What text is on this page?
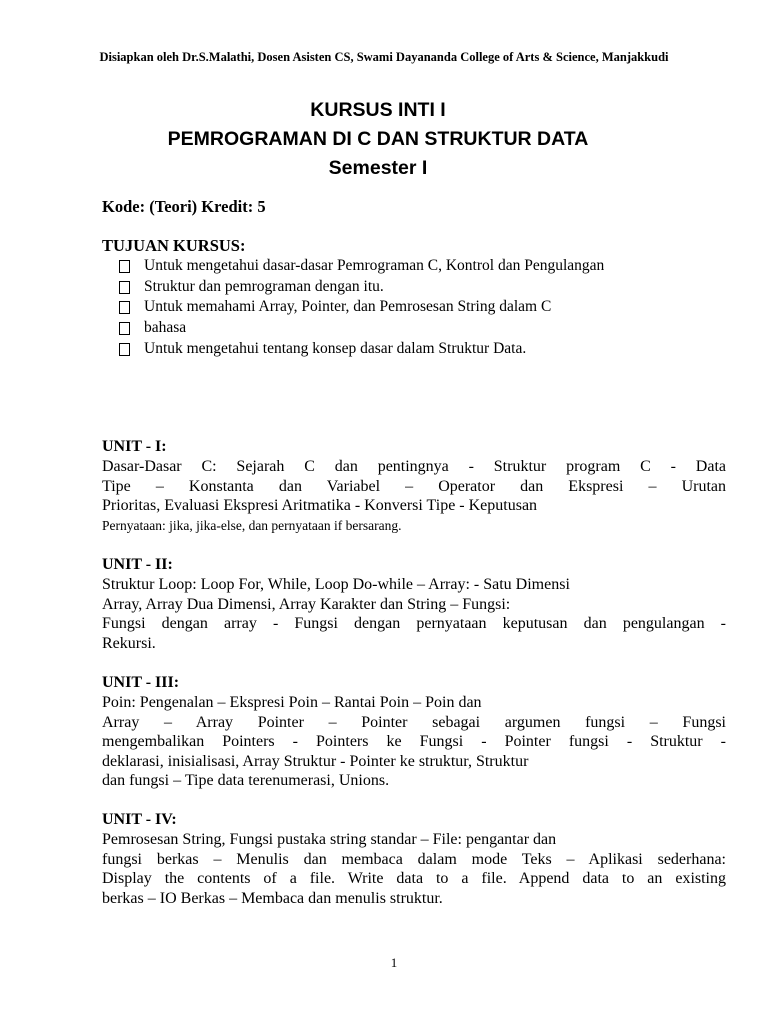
Disiapkan oleh Dr.S.Malathi, Dosen Asisten CS, Swami Dayananda College of Arts & Science, Manjakkudi
KURSUS INTI I
PEMROGRAMAN DI C DAN STRUKTUR DATA
Semester I
Kode: (Teori) Kredit: 5
TUJUAN KURSUS:
Untuk mengetahui dasar-dasar Pemrograman C, Kontrol dan Pengulangan
Struktur dan pemrograman dengan itu.
Untuk memahami Array, Pointer, dan Pemrosesan String dalam C
bahasa
Untuk mengetahui tentang konsep dasar dalam Struktur Data.
UNIT - I:
Dasar-Dasar C: Sejarah C dan pentingnya - Struktur program C - Data
Tipe – Konstanta dan Variabel – Operator dan Ekspresi – Urutan
Prioritas, Evaluasi Ekspresi Aritmatika - Konversi Tipe - Keputusan
Pernyataan: jika, jika-else, dan pernyataan if bersarang.
UNIT - II:
Struktur Loop: Loop For, While, Loop Do-while – Array: - Satu Dimensi
Array, Array Dua Dimensi, Array Karakter dan String – Fungsi:
Fungsi dengan array - Fungsi dengan pernyataan keputusan dan pengulangan -
Rekursi.
UNIT - III:
Poin: Pengenalan – Ekspresi Poin – Rantai Poin – Poin dan
Array – Array Pointer – Pointer sebagai argumen fungsi – Fungsi
mengembalikan Pointers - Pointers ke Fungsi - Pointer fungsi - Struktur -
deklarasi, inisialisasi, Array Struktur - Pointer ke struktur, Struktur
dan fungsi – Tipe data terenumerasi, Unions.
UNIT - IV:
Pemrosesan String, Fungsi pustaka string standar – File: pengantar dan
fungsi berkas – Menulis dan membaca dalam mode Teks – Aplikasi sederhana:
Display the contents of a file. Write data to a file. Append data to an existing
berkas – IO Berkas – Membaca dan menulis struktur.
1
